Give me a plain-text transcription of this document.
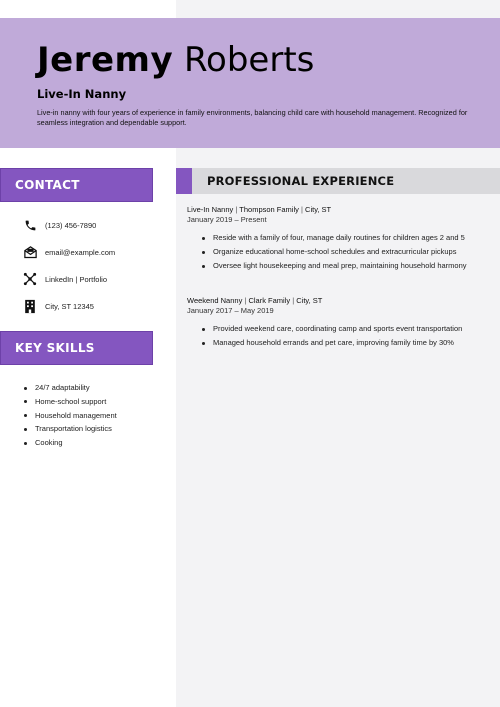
Jeremy Roberts
Live-In Nanny
Live-in nanny with four years of experience in family environments, balancing child care with household management. Recognized for seamless integration and dependable support.
CONTACT
(123) 456-7890
email@example.com
LinkedIn | Portfolio
City, ST 12345
KEY SKILLS
24/7 adaptability
Home-school support
Household management
Transportation logistics
Cooking
PROFESSIONAL EXPERIENCE
Live-In Nanny | Thompson Family | City, ST
January 2019 – Present
Reside with a family of four, manage daily routines for children ages 2 and 5
Organize educational home-school schedules and extracurricular pickups
Oversee light housekeeping and meal prep, maintaining household harmony
Weekend Nanny | Clark Family | City, ST
January 2017 – May 2019
Provided weekend care, coordinating camp and sports event transportation
Managed household errands and pet care, improving family time by 30%
